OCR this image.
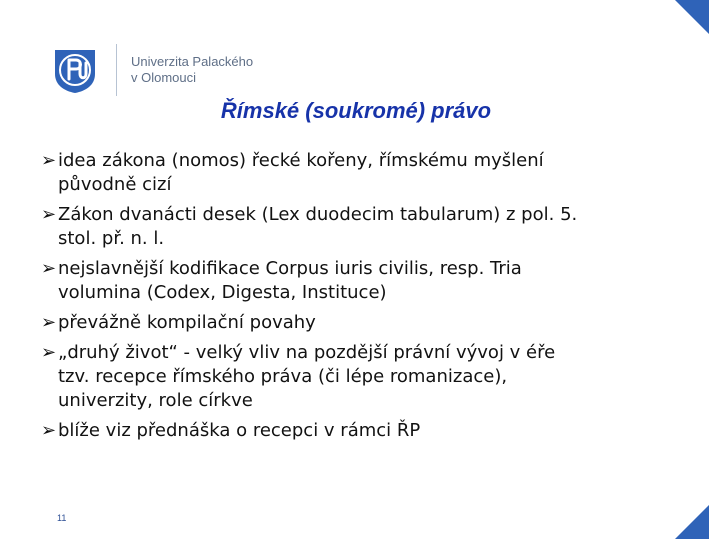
Univerzita Palackého
v Olomouci
Římské (soukromé) právo
➢ idea zákona (nomos) řecké kořeny, římskému myšlení
původně cizí
➢ Zákon dvanácti desek (Lex duodecim tabularum) z pol. 5.
stol. př. n. l.
➢ nejslavnější kodifikace Corpus iuris civilis, resp. Tria
volumina (Codex, Digesta, Instituce)
➢ převážně kompilační povahy
➢ „druhý život“ - velký vliv na pozdější právní vývoj v éře
tzv. recepce římského práva (či lépe romanizace),
univerzity, role církve
➢ blíže viz přednáška o recepci v rámci ŘP
11
